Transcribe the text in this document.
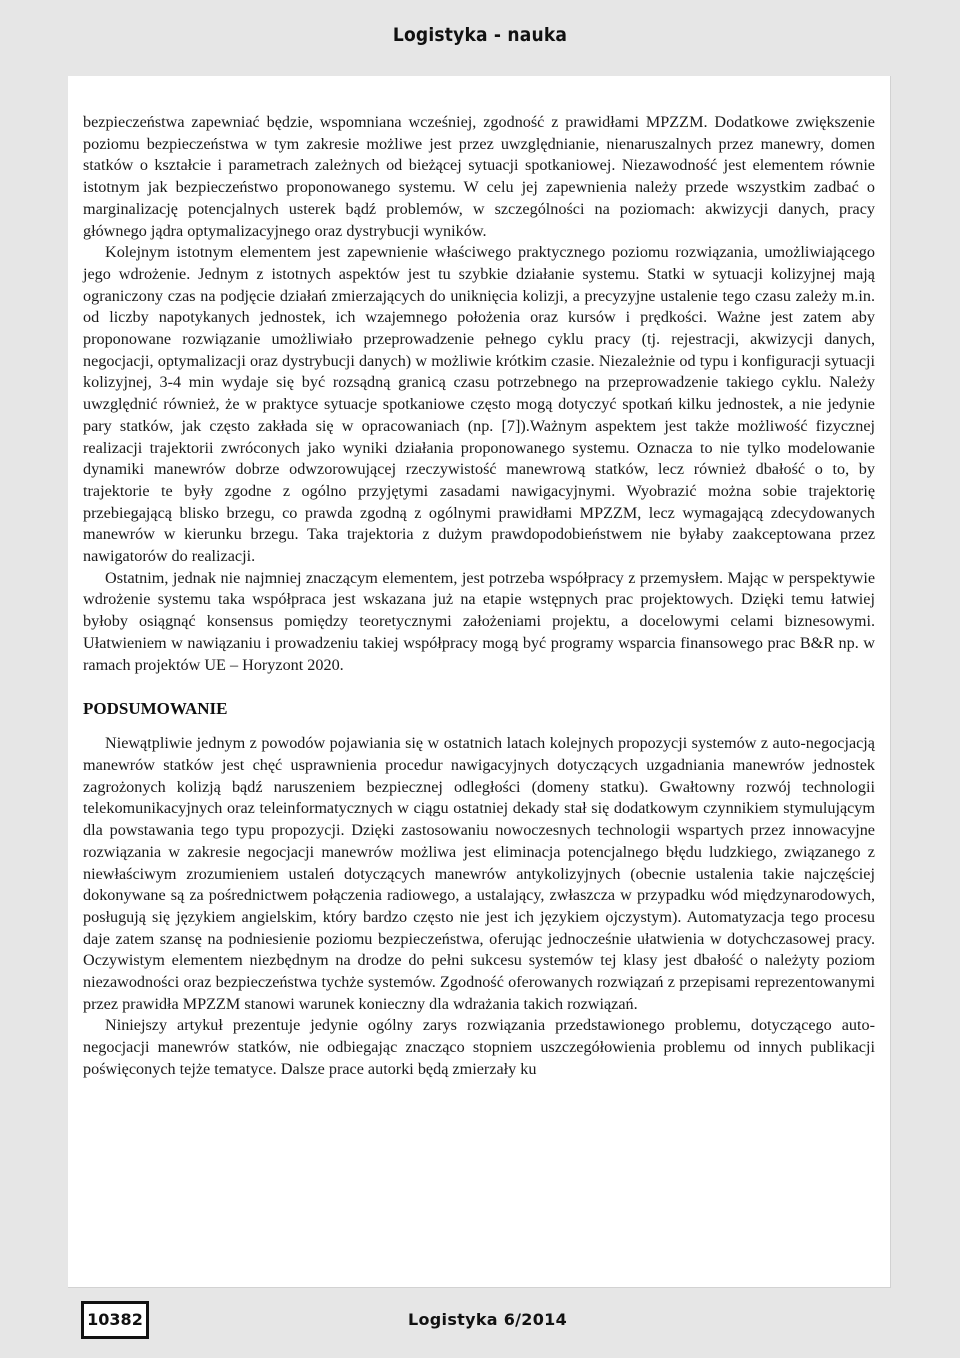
Logistyka - nauka

bezpieczeństwa zapewniać będzie, wspomniana wcześniej, zgodność z prawidłami MPZZM. Dodatkowe zwiększenie poziomu bezpieczeństwa w tym zakresie możliwe jest przez uwzględnianie, nienaruszalnych przez manewry, domen statków o kształcie i parametrach zależnych od bieżącej sytuacji spotkaniowej. Niezawodność jest elementem równie istotnym jak bezpieczeństwo proponowanego systemu. W celu jej zapewnienia należy przede wszystkim zadbać o marginalizację potencjalnych usterek bądź problemów, w szczególności na poziomach: akwizycji danych, pracy głównego jądra optymalizacyjnego oraz dystrybucji wyników.

Kolejnym istotnym elementem jest zapewnienie właściwego praktycznego poziomu rozwiązania, umożliwiającego jego wdrożenie. Jednym z istotnych aspektów jest tu szybkie działanie systemu. Statki w sytuacji kolizyjnej mają ograniczony czas na podjęcie działań zmierzających do uniknięcia kolizji, a precyzyjne ustalenie tego czasu zależy m.in. od liczby napotykanych jednostek, ich wzajemnego położenia oraz kursów i prędkości. Ważne jest zatem aby proponowane rozwiązanie umożliwiało przeprowadzenie pełnego cyklu pracy (tj. rejestracji, akwizycji danych, negocjacji, optymalizacji oraz dystrybucji danych) w możliwie krótkim czasie. Niezależnie od typu i konfiguracji sytuacji kolizyjnej, 3-4 min wydaje się być rozsądną granicą czasu potrzebnego na przeprowadzenie takiego cyklu. Należy uwzględnić również, że w praktyce sytuacje spotkaniowe często mogą dotyczyć spotkań kilku jednostek, a nie jedynie pary statków, jak często zakłada się w opracowaniach (np. [7]).Ważnym aspektem jest także możliwość fizycznej realizacji trajektorii zwróconych jako wyniki działania proponowanego systemu. Oznacza to nie tylko modelowanie dynamiki manewrów dobrze odwzorowującej rzeczywistość manewrową statków, lecz również dbałość o to, by trajektorie te były zgodne z ogólno przyjętymi zasadami nawigacyjnymi. Wyobrazić można sobie trajektorię przebiegającą blisko brzegu, co prawda zgodną z ogólnymi prawidłami MPZZM, lecz wymagającą zdecydowanych manewrów w kierunku brzegu. Taka trajektoria z dużym prawdopodobieństwem nie byłaby zaakceptowana przez nawigatorów do realizacji.

Ostatnim, jednak nie najmniej znaczącym elementem, jest potrzeba współpracy z przemysłem. Mając w perspektywie wdrożenie systemu taka współpraca jest wskazana już na etapie wstępnych prac projektowych. Dzięki temu łatwiej byłoby osiągnąć konsensus pomiędzy teoretycznymi założeniami projektu, a docelowymi celami biznesowymi. Ułatwieniem w nawiązaniu i prowadzeniu takiej współpracy mogą być programy wsparcia finansowego prac B&R np. w ramach projektów UE – Horyzont 2020.

PODSUMOWANIE

Niewątpliwie jednym z powodów pojawiania się w ostatnich latach kolejnych propozycji systemów z auto-negocjacją manewrów statków jest chęć usprawnienia procedur nawigacyjnych dotyczących uzgadniania manewrów jednostek zagrożonych kolizją bądź naruszeniem bezpiecznej odległości (domeny statku). Gwałtowny rozwój technologii telekomunikacyjnych oraz teleinformatycznych w ciągu ostatniej dekady stał się dodatkowym czynnikiem stymulującym dla powstawania tego typu propozycji. Dzięki zastosowaniu nowoczesnych technologii wspartych przez innowacyjne rozwiązania w zakresie negocjacji manewrów możliwa jest eliminacja potencjalnego błędu ludzkiego, związanego z niewłaściwym zrozumieniem ustaleń dotyczących manewrów antykolizyjnych (obecnie ustalenia takie najczęściej dokonywane są za pośrednictwem połączenia radiowego, a ustalający, zwłaszcza w przypadku wód międzynarodowych, posługują się językiem angielskim, który bardzo często nie jest ich językiem ojczystym). Automatyzacja tego procesu daje zatem szansę na podniesienie poziomu bezpieczeństwa, oferując jednocześnie ułatwienia w dotychczasowej pracy. Oczywistym elementem niezbędnym na drodze do pełni sukcesu systemów tej klasy jest dbałość o należyty poziom niezawodności oraz bezpieczeństwa tychże systemów. Zgodność oferowanych rozwiązań z przepisami reprezentowanymi przez prawidła MPZZM stanowi warunek konieczny dla wdrażania takich rozwiązań.

Niniejszy artykuł prezentuje jedynie ogólny zarys rozwiązania przedstawionego problemu, dotyczącego auto-negocjacji manewrów statków, nie odbiegając znacząco stopniem uszczegółowienia problemu od innych publikacji poświęconych tejże tematyce. Dalsze prace autorki będą zmierzały ku

10382	Logistyka 6/2014
